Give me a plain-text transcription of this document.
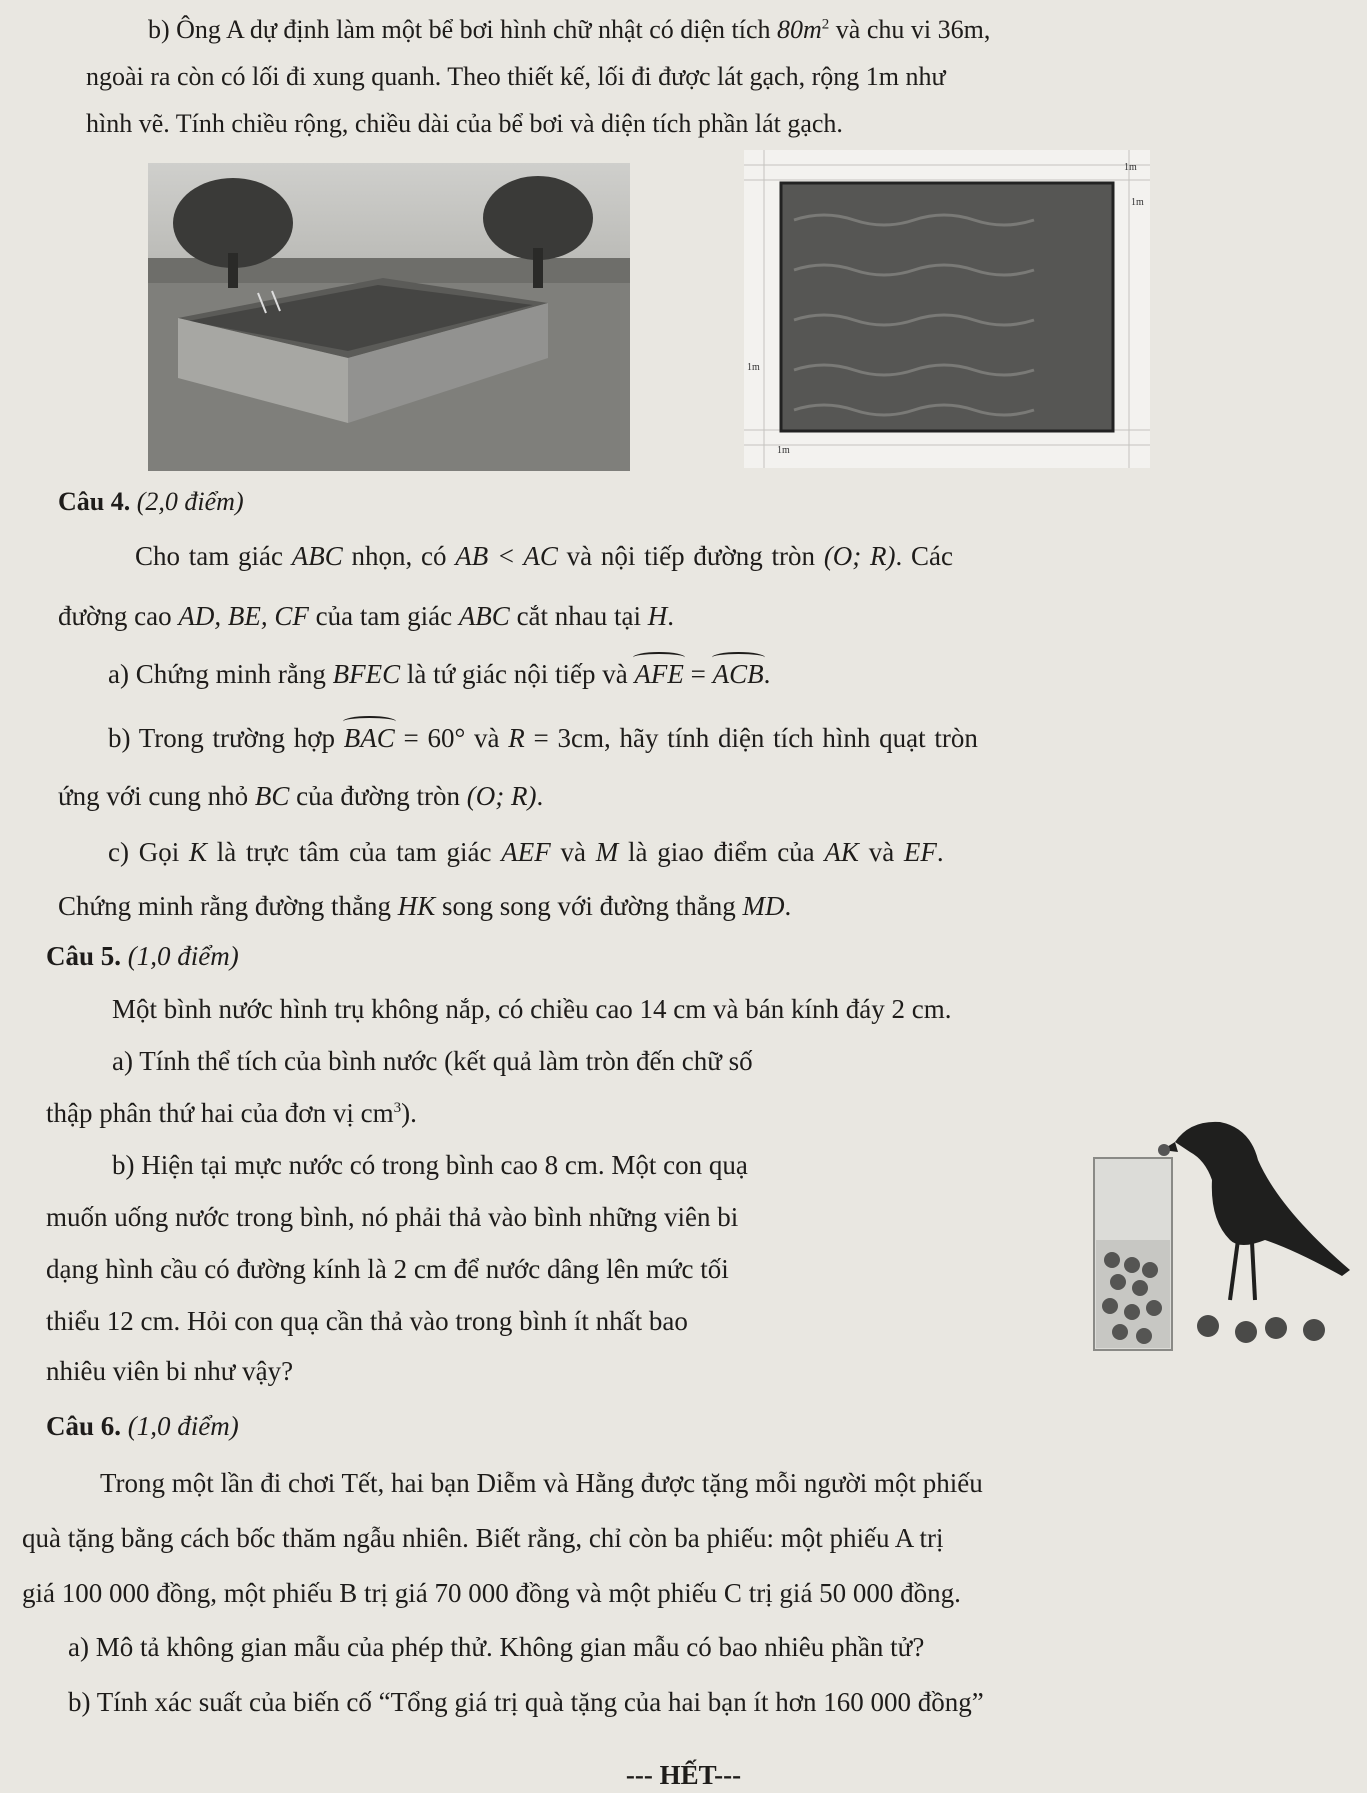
b) Ông A dự định làm một bể bơi hình chữ nhật có diện tích $80m^2$ và chu vi 36m,
ngoài ra còn có lối đi xung quanh. Theo thiết kế, lối đi được lát gạch, rộng 1m như
hình vẽ. Tính chiều rộng, chiều dài của bể bơi và diện tích phần lát gạch.
1m
1m
1m
1m
Câu 4. (2,0 điểm)
Cho tam giác ABC nhọn, có AB < AC và nội tiếp đường tròn (O; R). Các
đường cao AD, BE, CF của tam giác ABC cắt nhau tại H.
a) Chứng minh rằng BFEC là tứ giác nội tiếp và AFE = ACB.
b) Trong trường hợp BAC = 60° và R = 3cm, hãy tính diện tích hình quạt tròn
ứng với cung nhỏ BC của đường tròn (O; R).
c) Gọi K là trực tâm của tam giác AEF và M là giao điểm của AK và EF.
Chứng minh rằng đường thẳng HK song song với đường thẳng MD.
Câu 5. (1,0 điểm)
Một bình nước hình trụ không nắp, có chiều cao 14 cm và bán kính đáy 2 cm.
a) Tính thể tích của bình nước (kết quả làm tròn đến chữ số
thập phân thứ hai của đơn vị $cm^3$).
b) Hiện tại mực nước có trong bình cao 8 cm. Một con quạ
muốn uống nước trong bình, nó phải thả vào bình những viên bi
dạng hình cầu có đường kính là 2 cm để nước dâng lên mức tối
thiểu 12 cm. Hỏi con quạ cần thả vào trong bình ít nhất bao
nhiêu viên bi như vậy?
Câu 6. (1,0 điểm)
Trong một lần đi chơi Tết, hai bạn Diễm và Hằng được tặng mỗi người một phiếu
quà tặng bằng cách bốc thăm ngẫu nhiên. Biết rằng, chỉ còn ba phiếu: một phiếu A trị
giá 100 000 đồng, một phiếu B trị giá 70 000 đồng và một phiếu C trị giá 50 000 đồng.
a) Mô tả không gian mẫu của phép thử. Không gian mẫu có bao nhiêu phần tử?
b) Tính xác suất của biến cố “Tổng giá trị quà tặng của hai bạn ít hơn 160 000 đồng”
--- HẾT---
